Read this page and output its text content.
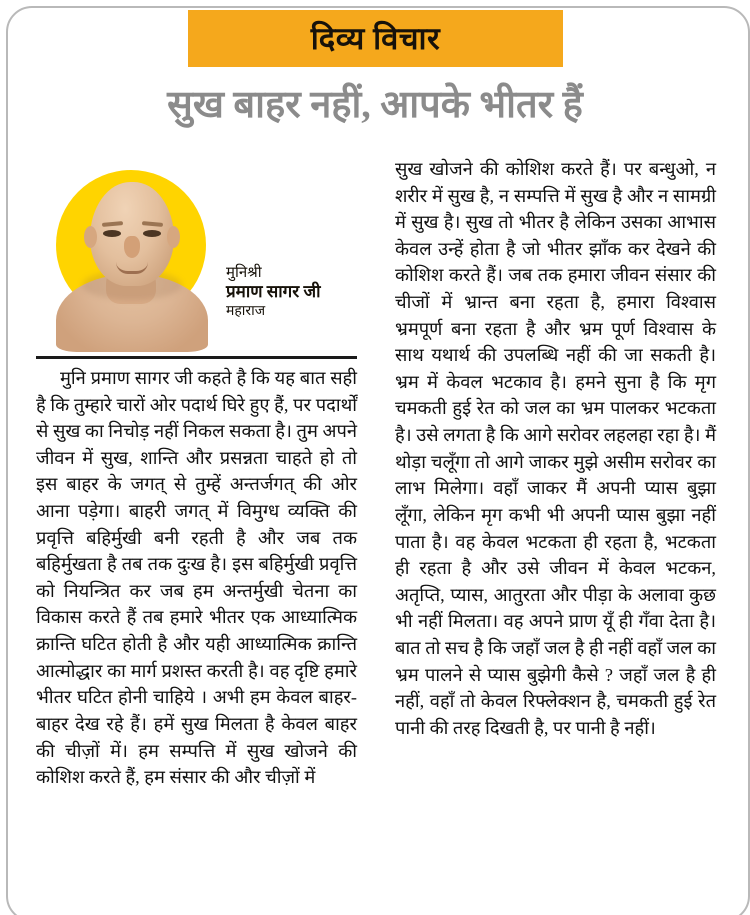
दिव्य विचार
सुख बाहर नहीं, आपके भीतर हैं
मुनिश्री
प्रमाण सागर जी
महाराज
मुनि प्रमाण सागर जी कहते है कि यह बात सही है कि तुम्हारे चारों ओर पदार्थ घिरे हुए हैं, पर पदार्थों से सुख का निचोड़ नहीं निकल सकता है। तुम अपने जीवन में सुख, शान्ति और प्रसन्नता चाहते हो तो इस बाहर के जगत् से तुम्हें अन्तर्जगत् की ओर आना पड़ेगा। बाहरी जगत् में विमुग्ध व्यक्ति की प्रवृत्ति बहिर्मुखी बनी रहती है और जब तक बहिर्मुखता है तब तक दुःख है। इस बहिर्मुखी प्रवृत्ति को नियन्त्रित कर जब हम अन्तर्मुखी चेतना का विकास करते हैं तब हमारे भीतर एक आध्यात्मिक क्रान्ति घटित होती है और यही आध्यात्मिक क्रान्ति आत्मोद्धार का मार्ग प्रशस्त करती है। वह दृष्टि हमारे भीतर घटित होनी चाहिये । अभी हम केवल बाहर-बाहर देख रहे हैं। हमें सुख मिलता है केवल बाहर की चीज़ों में। हम सम्पत्ति में सुख खोजने की कोशिश करते हैं, हम संसार की और चीज़ों में
सुख खोजने की कोशिश करते हैं। पर बन्धुओ, न शरीर में सुख है, न सम्पत्ति में सुख है और न सामग्री में सुख है। सुख तो भीतर है लेकिन उसका आभास केवल उन्हें होता है जो भीतर झाँक कर देखने की कोशिश करते हैं। जब तक हमारा जीवन संसार की चीजों में भ्रान्त बना रहता है, हमारा विश्वास भ्रमपूर्ण बना रहता है और भ्रम पूर्ण विश्वास के साथ यथार्थ की उपलब्धि नहीं की जा सकती है। भ्रम में केवल भटकाव है। हमने सुना है कि मृग चमकती हुई रेत को जल का भ्रम पालकर भटकता है। उसे लगता है कि आगे सरोवर लहलहा रहा है। मैं थोड़ा चलूँगा तो आगे जाकर मुझे असीम सरोवर का लाभ मिलेगा। वहाँ जाकर मैं अपनी प्यास बुझा लूँगा, लेकिन मृग कभी भी अपनी प्यास बुझा नहीं पाता है। वह केवल भटकता ही रहता है, भटकता ही रहता है और उसे जीवन में केवल भटकन, अतृप्ति, प्यास, आतुरता और पीड़ा के अलावा कुछ भी नहीं मिलता। वह अपने प्राण यूँ ही गँवा देता है। बात तो सच है कि जहाँ जल है ही नहीं वहाँ जल का भ्रम पालने से प्यास बुझेगी कैसे ? जहाँ जल है ही नहीं, वहाँ तो केवल रिफ्लेक्शन है, चमकती हुई रेत पानी की तरह दिखती है, पर पानी है नहीं।
